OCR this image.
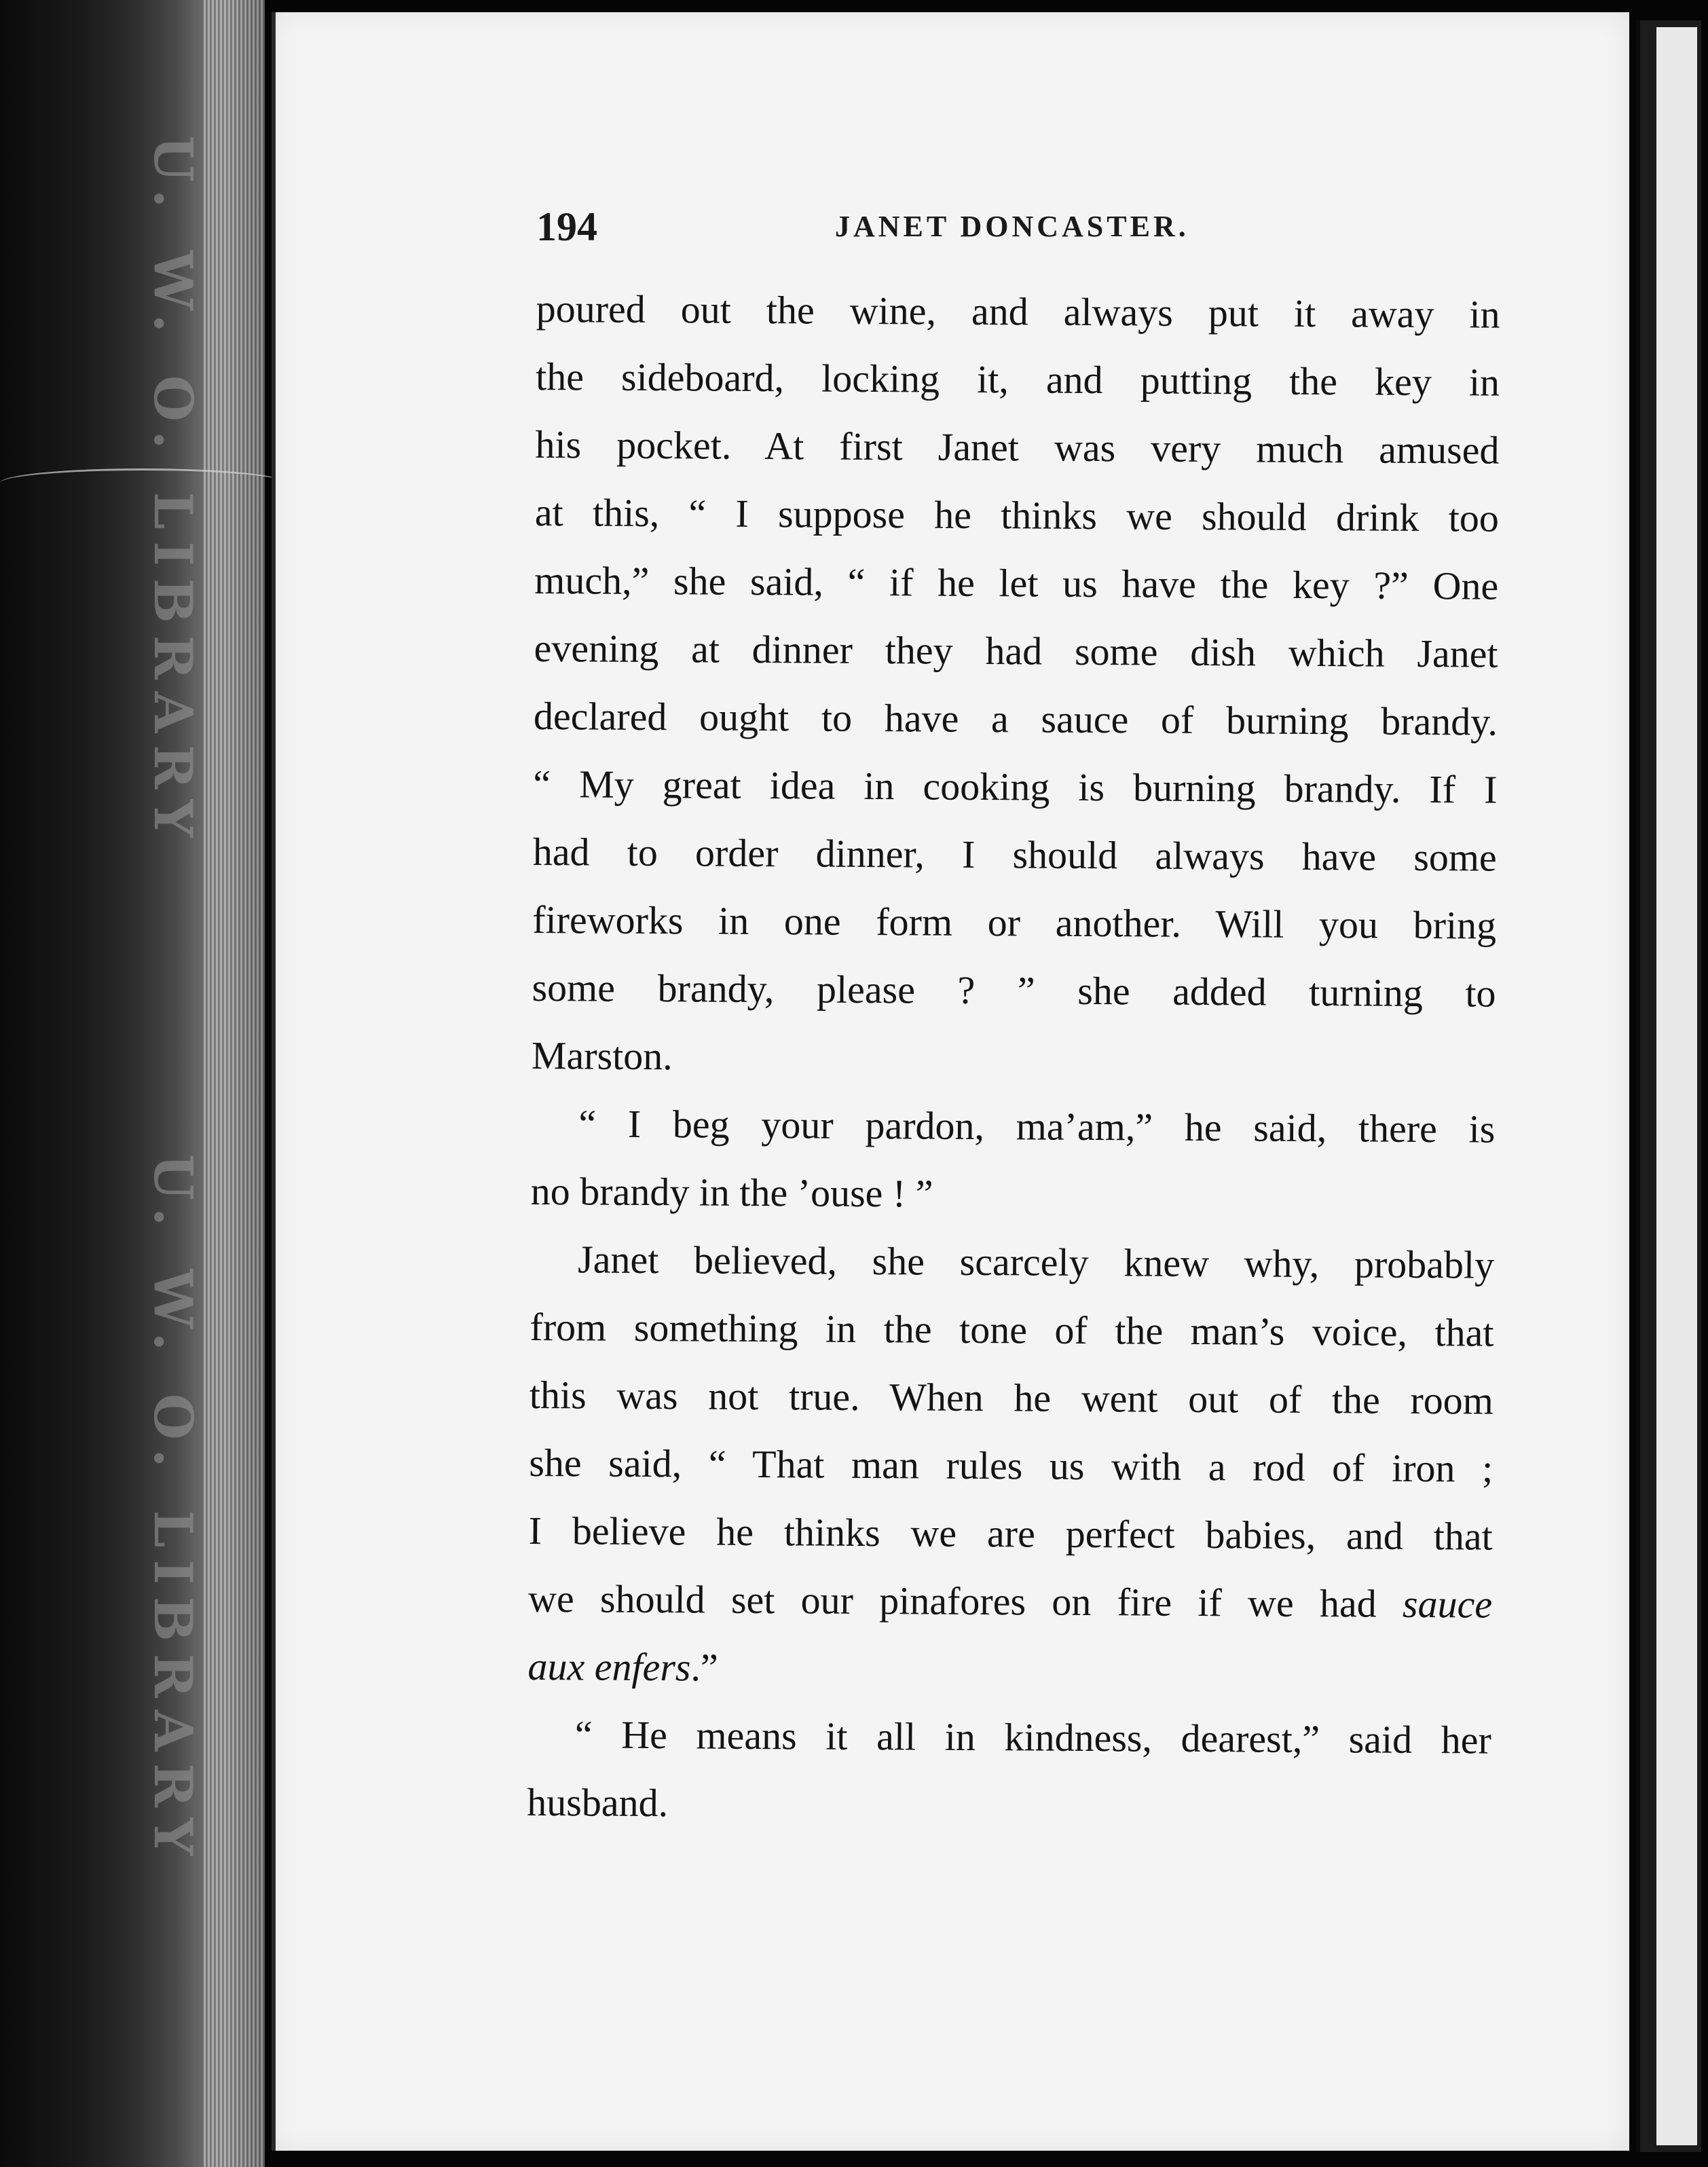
U. W. O. LIBRARY
U. W. O. LIBRARY
194	JANET DONCASTER.
poured out the wine, and always put it away in
the sideboard, locking it, and putting the key in
his pocket. At first Janet was very much amused
at this, “ I suppose he thinks we should drink too
much,” she said, “ if he let us have the key ?” One
evening at dinner they had some dish which Janet
declared ought to have a sauce of burning brandy.
“ My great idea in cooking is burning brandy. If I
had to order dinner, I should always have some
fireworks in one form or another. Will you bring
some brandy, please ? ” she added turning to
Marston.
“ I beg your pardon, ma’am,” he said, there is
no brandy in the ’ouse ! ”
Janet believed, she scarcely knew why, probably
from something in the tone of the man’s voice, that
this was not true. When he went out of the room
she said, “ That man rules us with a rod of iron ;
I believe he thinks we are perfect babies, and that
we should set our pinafores on fire if we had sauce
aux enfers.”
“ He means it all in kindness, dearest,” said her
husband.
